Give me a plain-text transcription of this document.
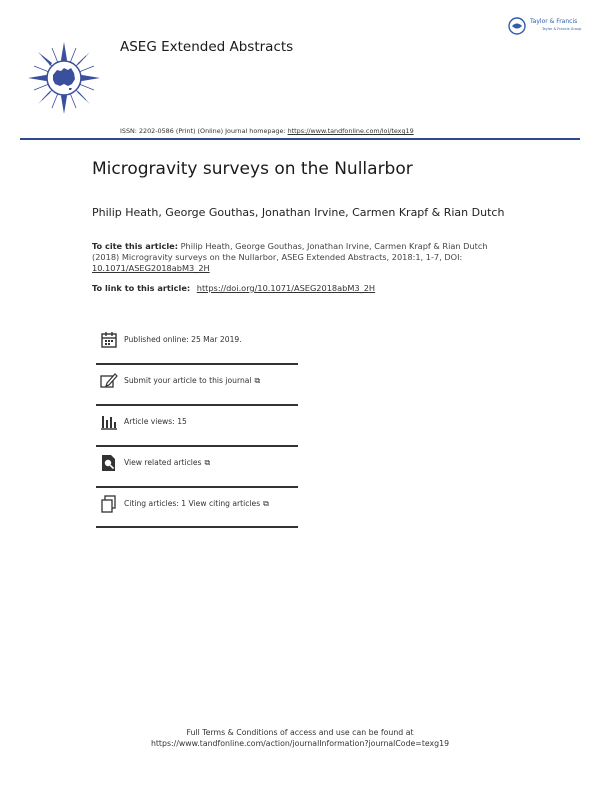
ASEG Extended Abstracts
Taylor & Francis
Taylor & Francis Group
ISSN: 2202-0586 (Print) (Online) Journal homepage: https://www.tandfonline.com/loi/texg19
Microgravity surveys on the Nullarbor
Philip Heath, George Gouthas, Jonathan Irvine, Carmen Krapf & Rian Dutch
To cite this article: Philip Heath, George Gouthas, Jonathan Irvine, Carmen Krapf & Rian Dutch (2018) Microgravity surveys on the Nullarbor, ASEG Extended Abstracts, 2018:1, 1-7, DOI: 10.1071/ASEG2018abM3_2H
To link to this article: https://doi.org/10.1071/ASEG2018abM3_2H
Published online: 25 Mar 2019.
Submit your article to this journal ⧉
Article views: 15
View related articles ⧉
Citing articles: 1 View citing articles ⧉
Full Terms & Conditions of access and use can be found at
https://www.tandfonline.com/action/journalInformation?journalCode=texg19
